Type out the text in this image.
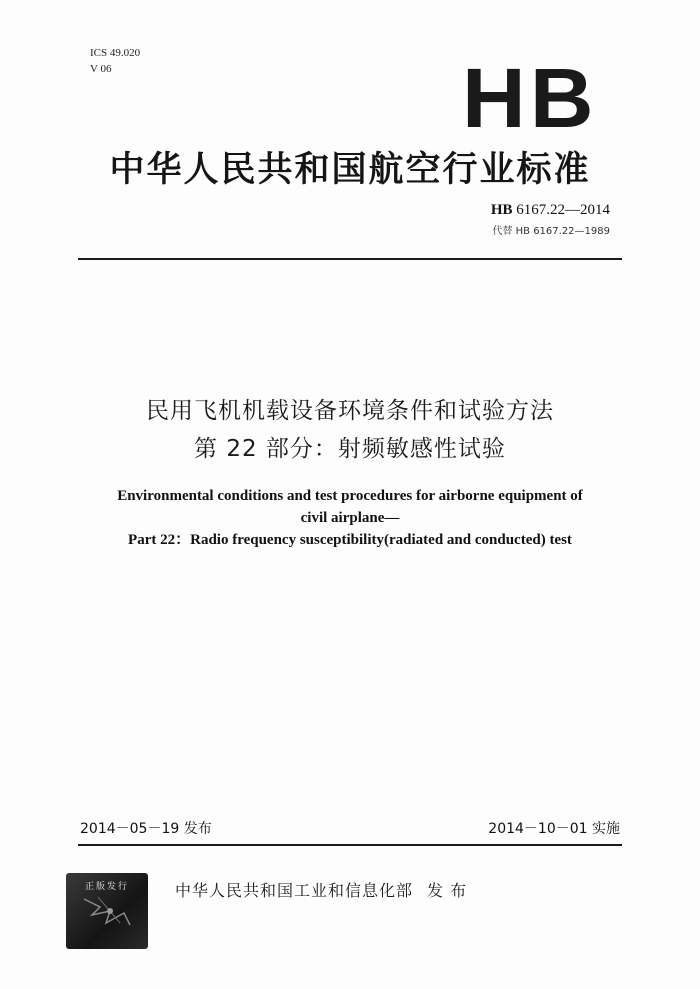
ICS 49.020
V 06	HB
中华人民共和国航空行业标准
HB 6167.22—2014
代替 HB 6167.22—1989
民用飞机机载设备环境条件和试验方法
第 22 部分：射频敏感性试验
Environmental conditions and test procedures for airborne equipment of
civil airplane—
Part 22：Radio frequency susceptibility(radiated and conducted) test
2014－05－19 发布	2014－10－01 实施
正版发行	中华人民共和国工业和信息化部 发 布
